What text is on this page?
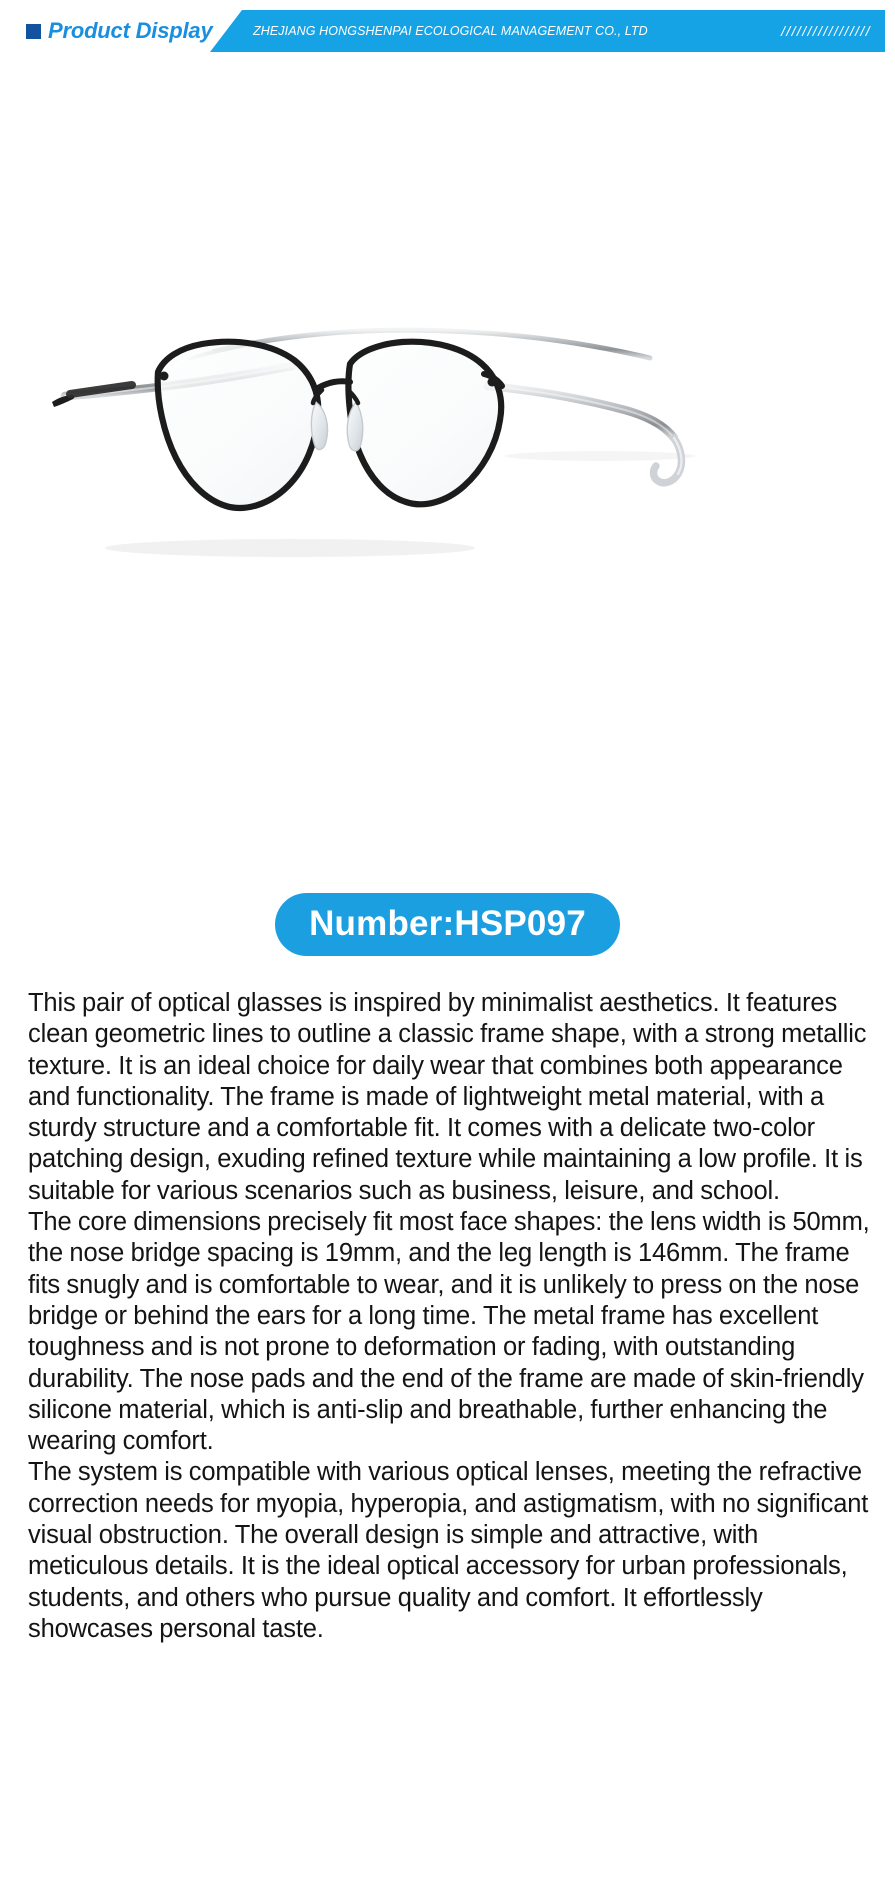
Product Display	ZHEJIANG HONGSHENPAI ECOLOGICAL MANAGEMENT CO., LTD	/////////////////
Number:HSP097

This pair of optical glasses is inspired by minimalist aesthetics. It features clean geometric lines to outline a classic frame shape, with a strong metallic texture. It is an ideal choice for daily wear that combines both appearance and functionality. The frame is made of lightweight metal material, with a sturdy structure and a comfortable fit. It comes with a delicate two-color patching design, exuding refined texture while maintaining a low profile. It is suitable for various scenarios such as business, leisure, and school.

The core dimensions precisely fit most face shapes: the lens width is 50mm, the nose bridge spacing is 19mm, and the leg length is 146mm. The frame fits snugly and is comfortable to wear, and it is unlikely to press on the nose bridge or behind the ears for a long time. The metal frame has excellent toughness and is not prone to deformation or fading, with outstanding durability. The nose pads and the end of the frame are made of skin-friendly silicone material, which is anti-slip and breathable, further enhancing the wearing comfort.

The system is compatible with various optical lenses, meeting the refractive correction needs for myopia, hyperopia, and astigmatism, with no significant visual obstruction. The overall design is simple and attractive, with meticulous details. It is the ideal optical accessory for urban professionals, students, and others who pursue quality and comfort. It effortlessly showcases personal taste.
